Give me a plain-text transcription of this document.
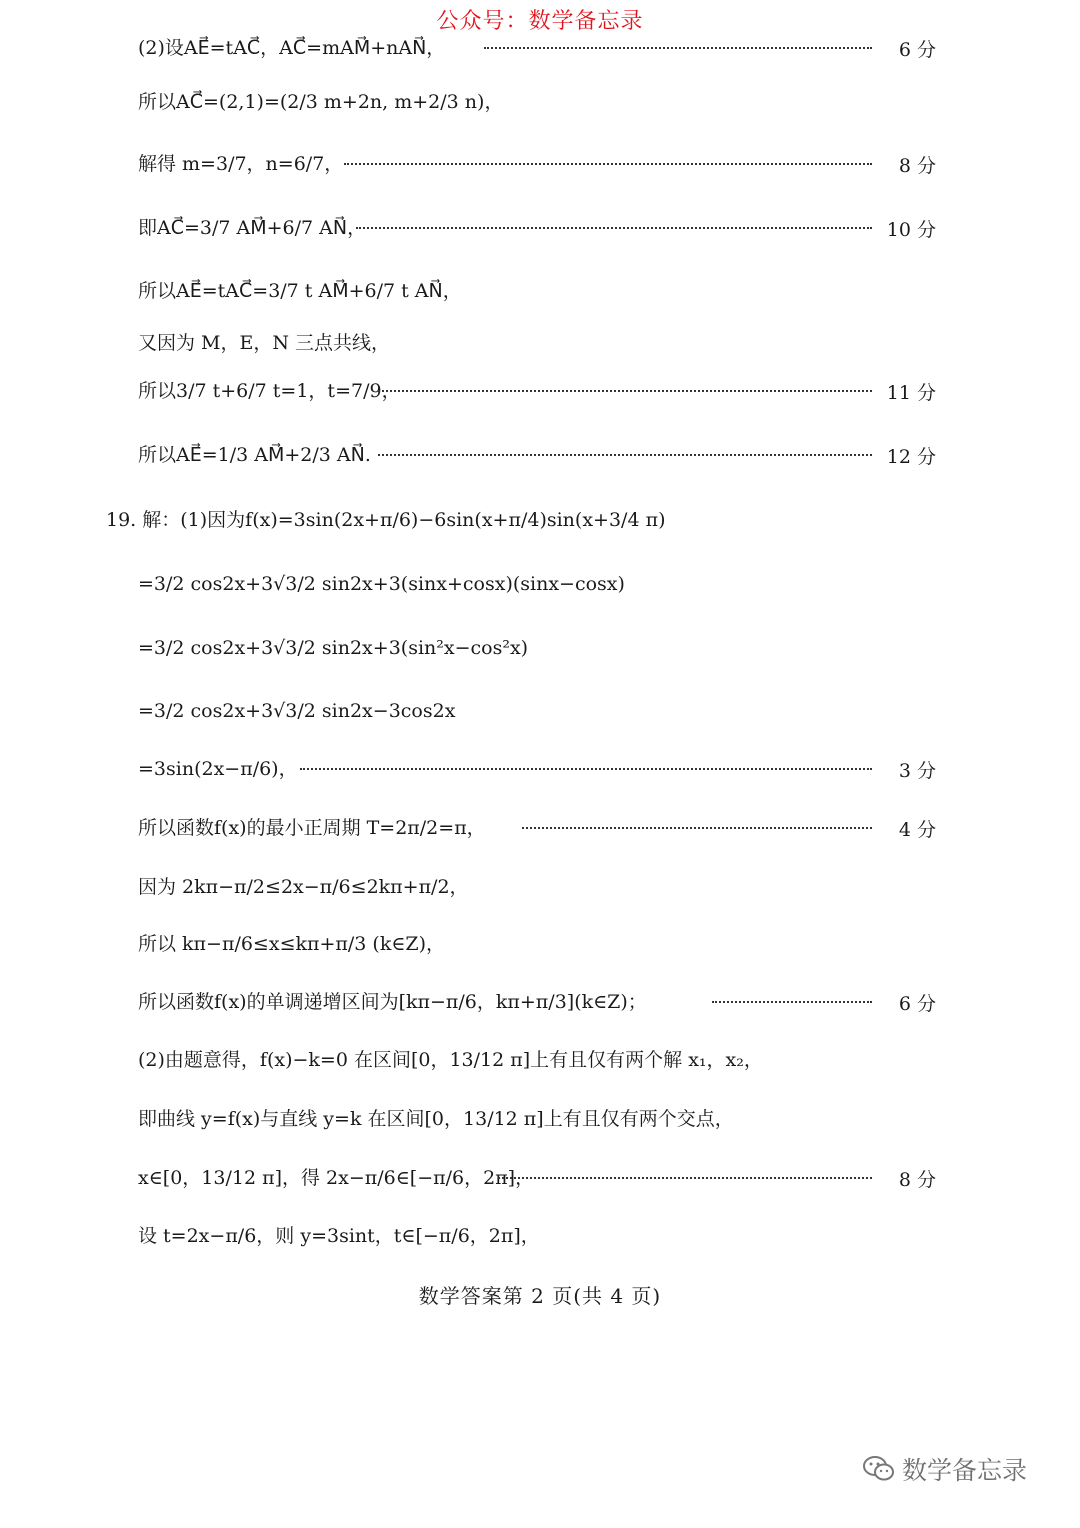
公众号：数学备忘录
(2)设AE⃗=tAC⃗，AC⃗=mAM⃗+nAN⃗，	6 分
所以AC⃗=(2,1)=(2/3 m+2n, m+2/3 n)，
解得 m=3/7，n=6/7，	8 分
即AC⃗=3/7 AM⃗+6/7 AN⃗，	10 分
所以AE⃗=tAC⃗=3/7 t AM⃗+6/7 t AN⃗，
又因为 M，E，N 三点共线，
所以3/7 t+6/7 t=1，t=7/9，	11 分
所以AE⃗=1/3 AM⃗+2/3 AN⃗.	12 分
19. 解：(1)因为f(x)=3sin(2x+π/6)−6sin(x+π/4)sin(x+3/4 π)
=3/2 cos2x+3√3/2 sin2x+3(sinx+cosx)(sinx−cosx)
=3/2 cos2x+3√3/2 sin2x+3(sin²x−cos²x)
=3/2 cos2x+3√3/2 sin2x−3cos2x
=3sin(2x−π/6)，	3 分
所以函数f(x)的最小正周期 T=2π/2=π，	4 分
因为 2kπ−π/2≤2x−π/6≤2kπ+π/2，
所以 kπ−π/6≤x≤kπ+π/3 (k∈Z)，
所以函数f(x)的单调递增区间为[kπ−π/6，kπ+π/3](k∈Z)；	6 分
(2)由题意得，f(x)−k=0 在区间[0，13/12 π]上有且仅有两个解 x₁，x₂，
即曲线 y=f(x)与直线 y=k 在区间[0，13/12 π]上有且仅有两个交点，
x∈[0，13/12 π]，得 2x−π/6∈[−π/6，2π]，	8 分
设 t=2x−π/6，则 y=3sint，t∈[−π/6，2π]，
数学答案第 2 页(共 4 页)
数学备忘录
